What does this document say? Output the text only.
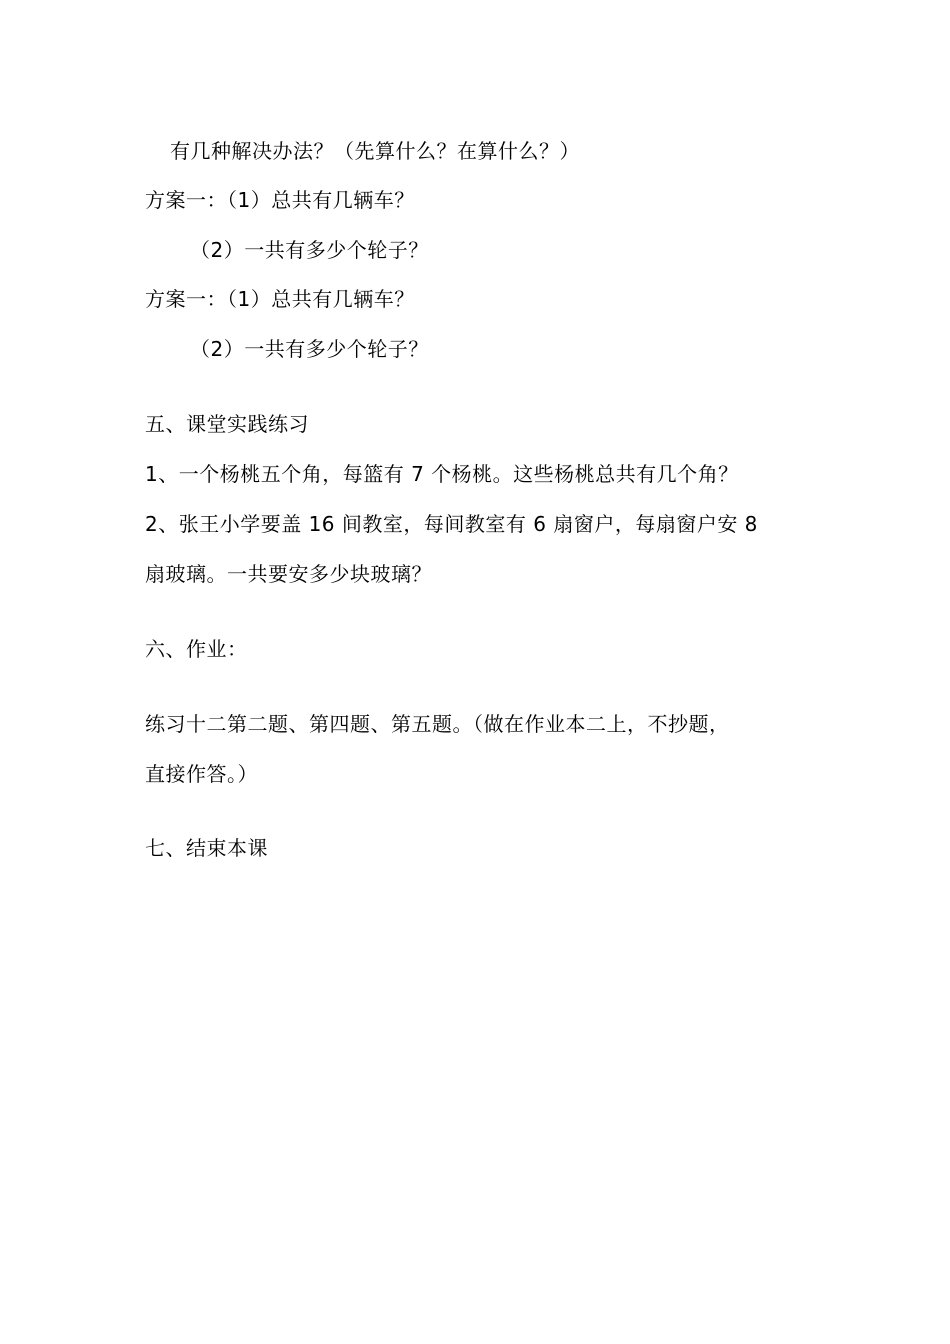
有几种解决办法？（先算什么？在算什么？）
方案一：（1）总共有几辆车？
（2）一共有多少个轮子？
方案一：（1）总共有几辆车？
（2）一共有多少个轮子？
五、课堂实践练习
1、一个杨桃五个角，每篮有 7 个杨桃。这些杨桃总共有几个角？
2、张王小学要盖 16 间教室，每间教室有 6 扇窗户，每扇窗户安 8
扇玻璃。一共要安多少块玻璃？
六、作业：
练习十二第二题、第四题、第五题。（做在作业本二上，不抄题，
直接作答。）
七、结束本课
